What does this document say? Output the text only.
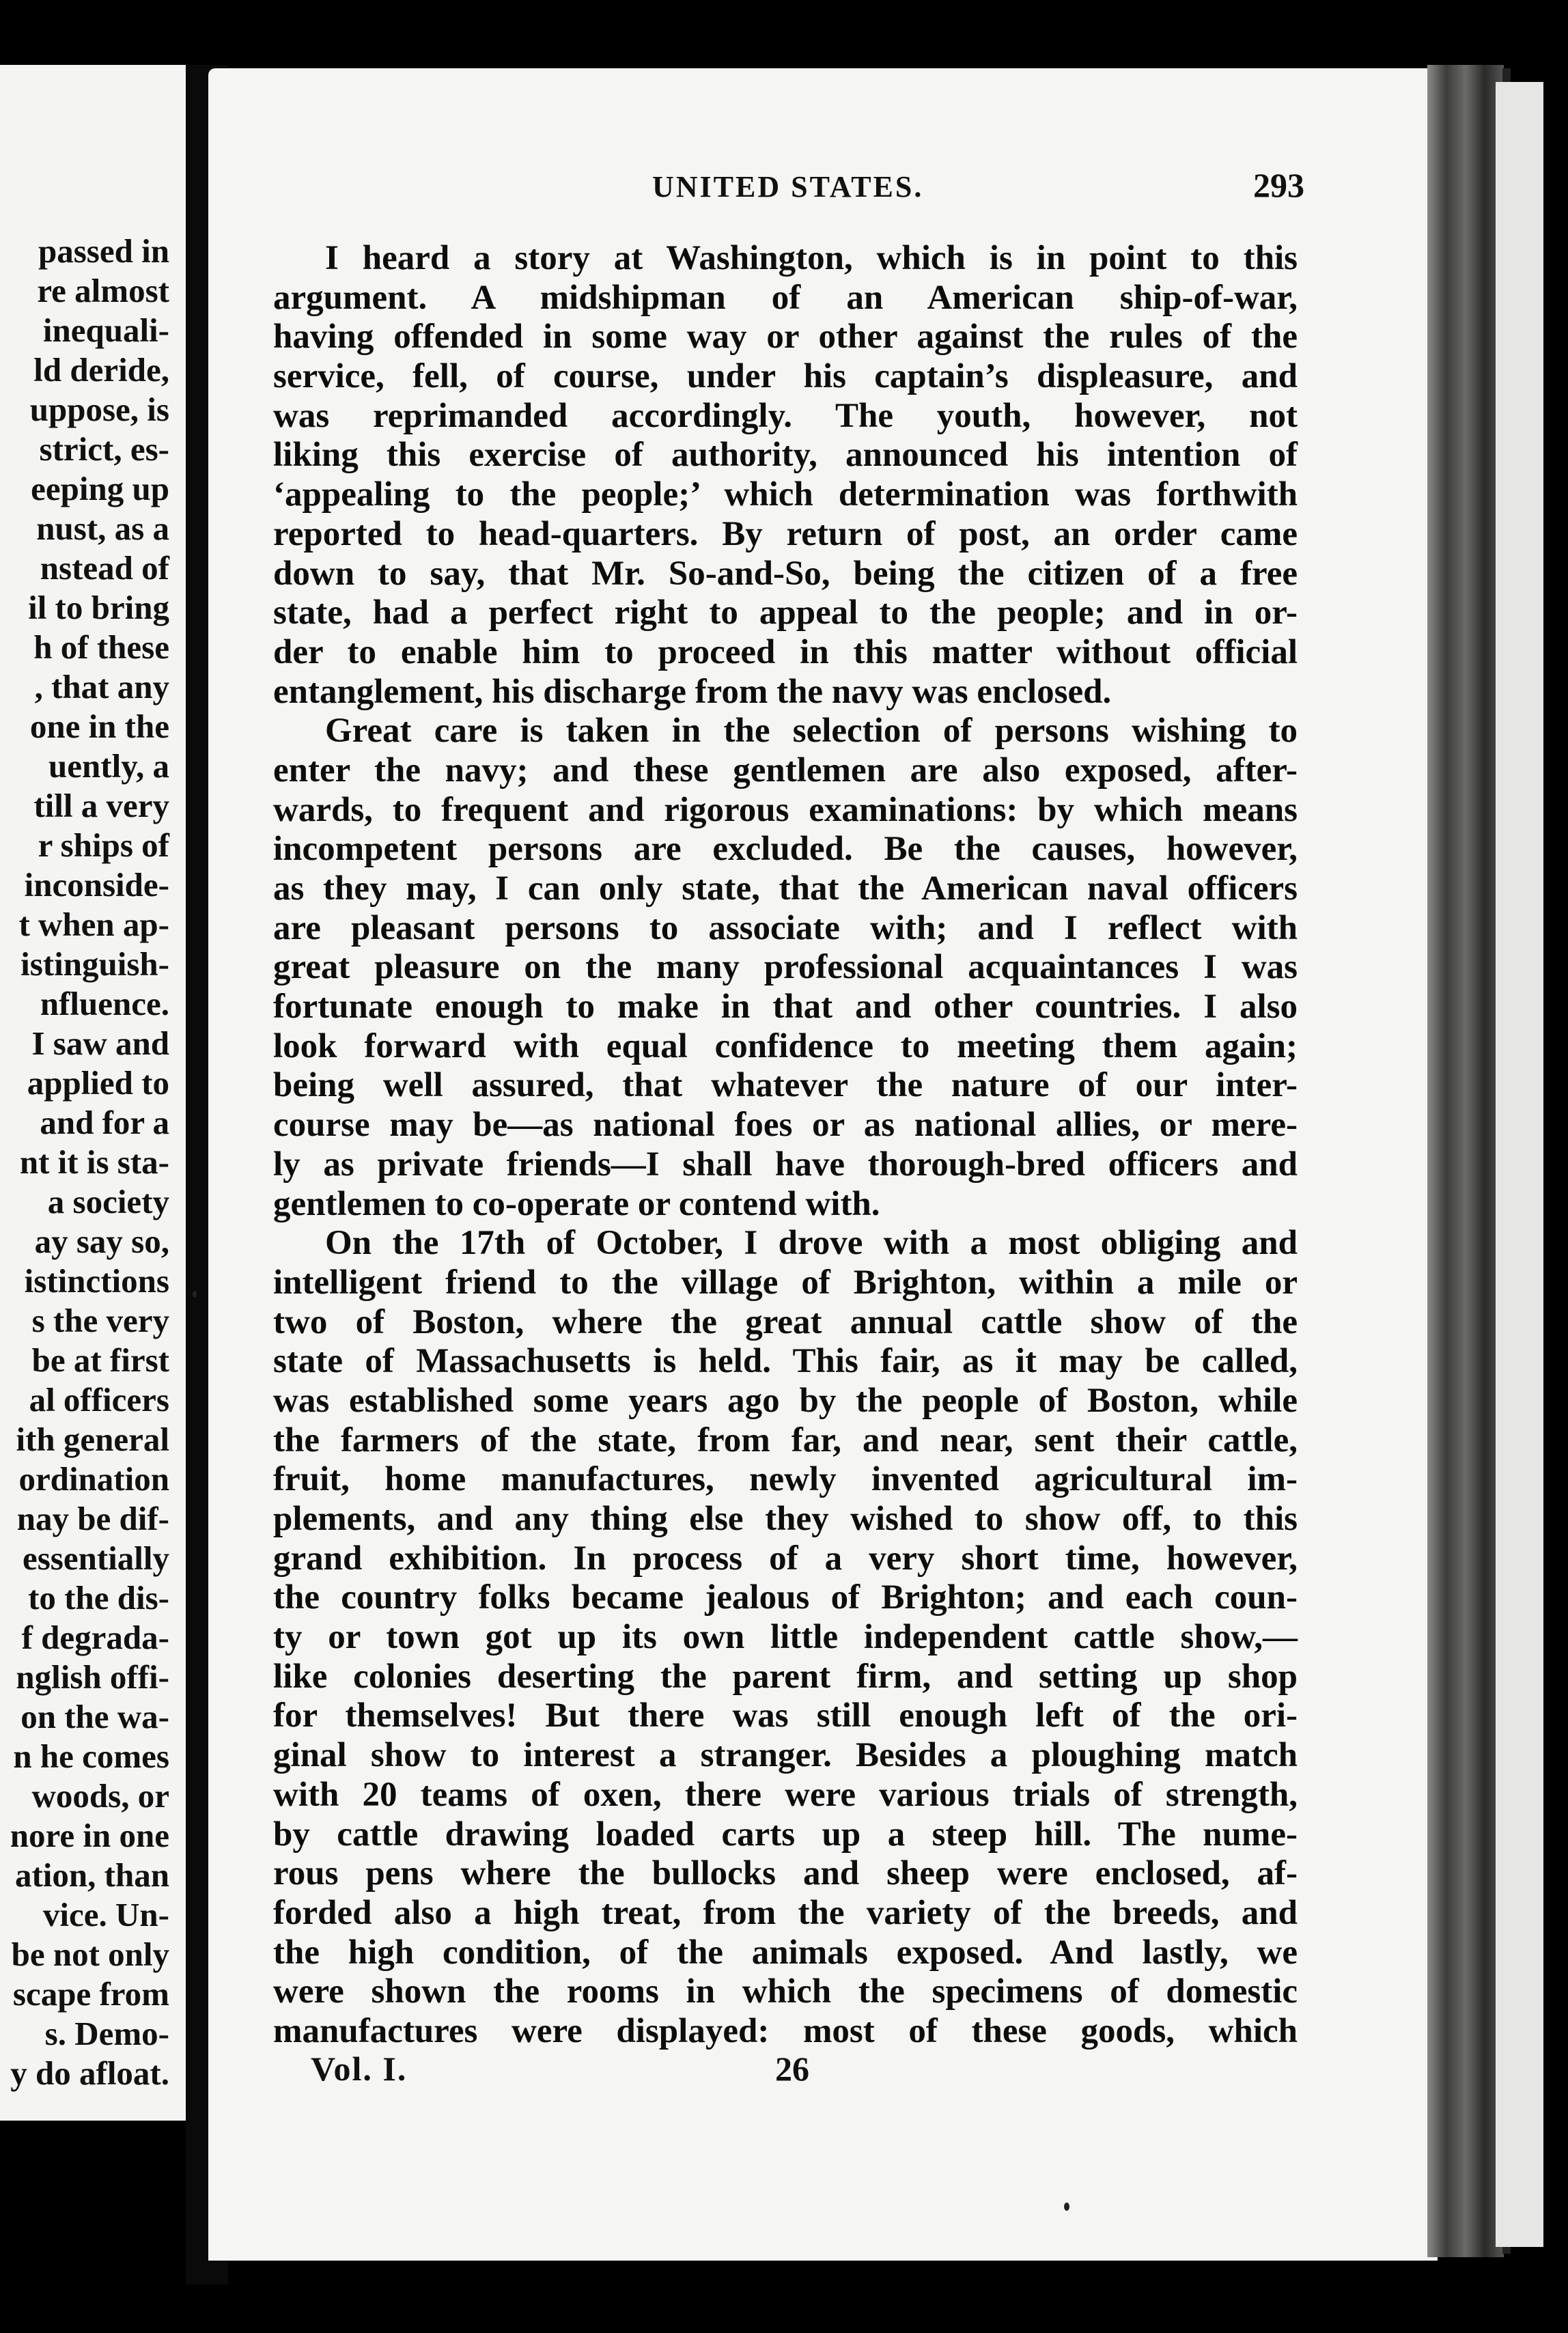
passed in
re almost
inequali-
ld deride,
uppose, is
strict, es-
eeping up
nust, as a
nstead of
il to bring
h of these
, that any
one in the
uently, a
till a very
r ships of
inconside-
t when ap-
istinguish-
nfluence.
I saw and
applied to
and for a
nt it is sta-
a society
ay say so,
istinctions
s the very
be at first
al officers
ith general
ordination
nay be dif-
essentially
to the dis-
f degrada-
nglish offi-
on the wa-
n he comes
woods, or
nore in one
ation, than
vice. Un-
be not only
scape from
s. Demo-
y do afloat.
UNITED STATES.	293
I heard a story at Washington, which is in point to this
argument. A midshipman of an American ship-of-war,
having offended in some way or other against the rules of the
service, fell, of course, under his captain’s displeasure, and
was reprimanded accordingly. The youth, however, not
liking this exercise of authority, announced his intention of
‘appealing to the people;’ which determination was forthwith
reported to head-quarters. By return of post, an order came
down to say, that Mr. So-and-So, being the citizen of a free
state, had a perfect right to appeal to the people; and in or-
der to enable him to proceed in this matter without official
entanglement, his discharge from the navy was enclosed.
Great care is taken in the selection of persons wishing to
enter the navy; and these gentlemen are also exposed, after-
wards, to frequent and rigorous examinations: by which means
incompetent persons are excluded. Be the causes, however,
as they may, I can only state, that the American naval officers
are pleasant persons to associate with; and I reflect with
great pleasure on the many professional acquaintances I was
fortunate enough to make in that and other countries. I also
look forward with equal confidence to meeting them again;
being well assured, that whatever the nature of our inter-
course may be—as national foes or as national allies, or mere-
ly as private friends—I shall have thorough-bred officers and
gentlemen to co-operate or contend with.
On the 17th of October, I drove with a most obliging and
intelligent friend to the village of Brighton, within a mile or
two of Boston, where the great annual cattle show of the
state of Massachusetts is held. This fair, as it may be called,
was established some years ago by the people of Boston, while
the farmers of the state, from far, and near, sent their cattle,
fruit, home manufactures, newly invented agricultural im-
plements, and any thing else they wished to show off, to this
grand exhibition. In process of a very short time, however,
the country folks became jealous of Brighton; and each coun-
ty or town got up its own little independent cattle show,—
like colonies deserting the parent firm, and setting up shop
for themselves! But there was still enough left of the ori-
ginal show to interest a stranger. Besides a ploughing match
with 20 teams of oxen, there were various trials of strength,
by cattle drawing loaded carts up a steep hill. The nume-
rous pens where the bullocks and sheep were enclosed, af-
forded also a high treat, from the variety of the breeds, and
the high condition, of the animals exposed. And lastly, we
were shown the rooms in which the specimens of domestic
manufactures were displayed: most of these goods, which
Vol. I.	26
